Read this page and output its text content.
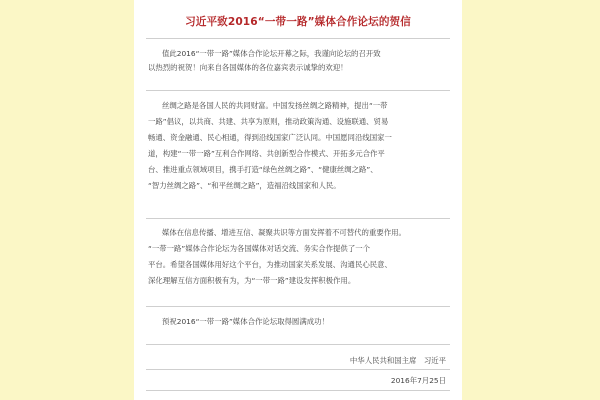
习近平致2016“一带一路”媒体合作论坛的贺信
值此2016“一带一路”媒体合作论坛开幕之际，我谨向论坛的召开致
以热烈的祝贺！向来自各国媒体的各位嘉宾表示诚挚的欢迎！
丝绸之路是各国人民的共同财富。中国发扬丝绸之路精神，提出“一带
一路”倡议，以共商、共建、共享为原则，推动政策沟通、设施联通、贸易
畅通、资金融通、民心相通，得到沿线国家广泛认同。中国愿同沿线国家一
道，构建“一带一路”互利合作网络、共创新型合作模式、开拓多元合作平
台、推进重点领域项目，携手打造“绿色丝绸之路”、“健康丝绸之路”、
“智力丝绸之路”、“和平丝绸之路”，造福沿线国家和人民。
媒体在信息传播、增进互信、凝聚共识等方面发挥着不可替代的重要作用。
“一带一路”媒体合作论坛为各国媒体对话交流、务实合作提供了一个
平台。希望各国媒体用好这个平台，为推动国家关系发展、沟通民心民意、
深化理解互信方面积极有为，为“一带一路”建设发挥积极作用。
预祝2016“一带一路”媒体合作论坛取得圆满成功！
中华人民共和国主席　习近平
2016年7月25日
